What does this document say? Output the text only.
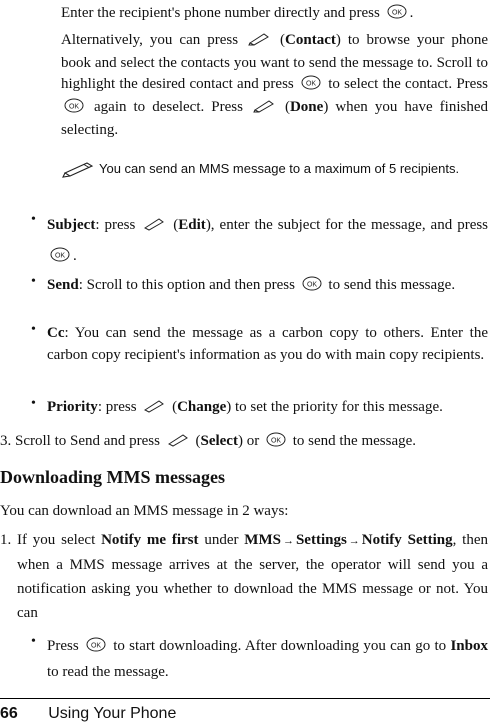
Enter the recipient's phone number directly and press OK .
Alternatively, you can press	(Contact) to browse your phone book and select the contacts you want to send the message to. Scroll to highlight the desired contact and press OK to select the contact. Press
OK again to deselect. Press	(Done) when you have finished selecting.
You can send an MMS message to a maximum of 5 recipients.
• Subject: press	(Edit), enter the subject for the message, and press
OK .
• Send: Scroll to this option and then press OK to send this message.
• Cc: You can send the message as a carbon copy to others. Enter the carbon copy recipient's information as you do with main copy recipients.
• Priority: press (Change) to set the priority for this message.
3. Scroll to Send and press (Select) or OK to send the message.
Downloading MMS messages
You can download an MMS message in 2 ways:
1. If you select Notify me first under MMS → Settings → Notify Setting, then when a MMS message arrives at the server, the operator will send you a notification asking you whether to download the MMS message or not. You can
• Press OK to start downloading. After downloading you can go to Inbox to read the message.
66 Using Your Phone
